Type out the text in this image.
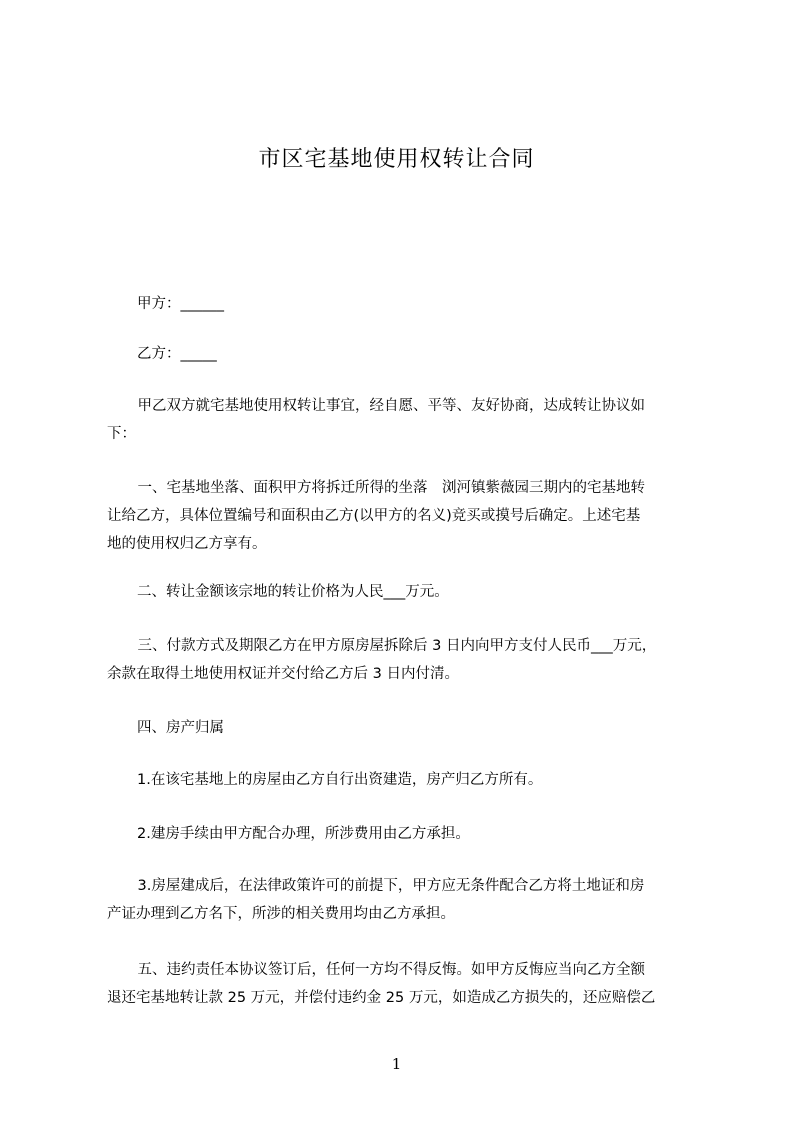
市区宅基地使用权转让合同
甲方：______
乙方：_____
　甲乙双方就宅基地使用权转让事宜，经自愿、平等、友好协商，达成转让协议如
下：
　一、宅基地坐落、面积甲方将拆迁所得的坐落　浏河镇紫薇园三期内的宅基地转
让给乙方，具体位置编号和面积由乙方(以甲方的名义)竞买或摸号后确定。上述宅基
地的使用权归乙方享有。
二、转让金额该宗地的转让价格为人民___万元。
　三、付款方式及期限乙方在甲方原房屋拆除后 3 日内向甲方支付人民币___万元，
余款在取得土地使用权证并交付给乙方后 3 日内付清。
四、房产归属
1.在该宅基地上的房屋由乙方自行出资建造，房产归乙方所有。
2.建房手续由甲方配合办理，所涉费用由乙方承担。
　3.房屋建成后，在法律政策许可的前提下，甲方应无条件配合乙方将土地证和房
产证办理到乙方名下，所涉的相关费用均由乙方承担。
　五、违约责任本协议签订后，任何一方均不得反悔。如甲方反悔应当向乙方全额
退还宅基地转让款 25 万元，并偿付违约金 25 万元，如造成乙方损失的，还应赔偿乙
1
